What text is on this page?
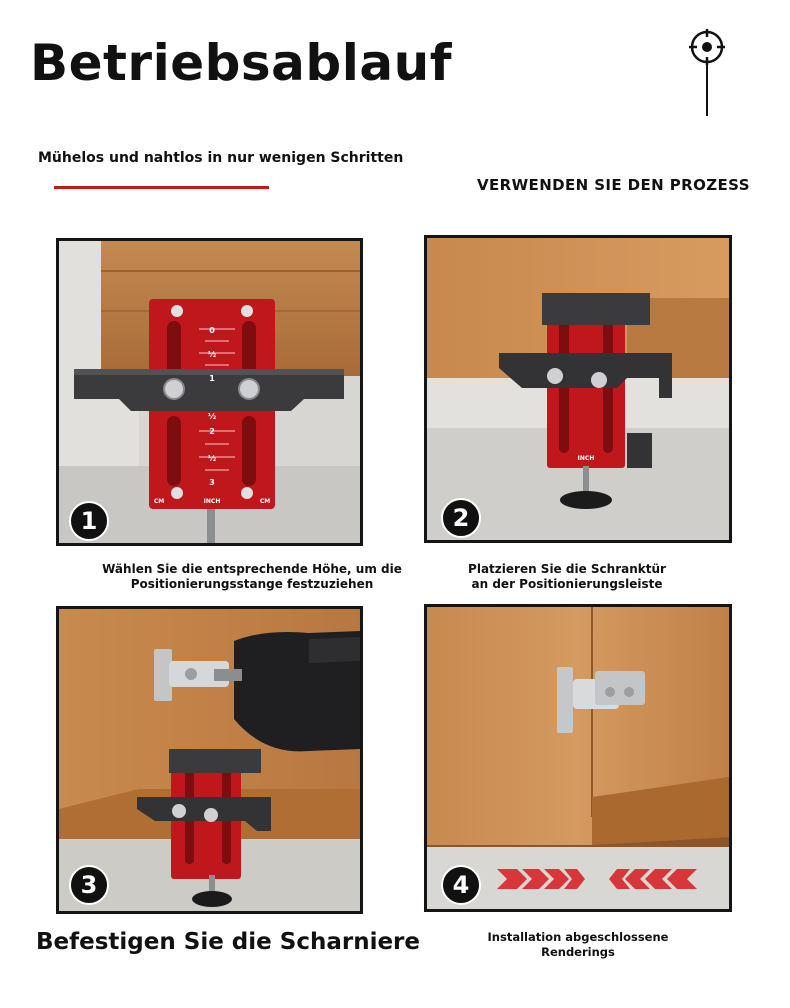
Betriebsablauf

Mühelos und nahtlos in nur wenigen Schritten

VERWENDEN SIE DEN PROZESS

0
½
1
½
2
½
3
CM	INCH	CM
1

Wählen Sie die entsprechende Höhe, um die
Positionierungsstange festzuziehen

INCH
2

Platzieren Sie die Schranktür
an der Positionierungsleiste

3

Befestigen Sie die Scharniere

4

Installation abgeschlossene
Renderings
